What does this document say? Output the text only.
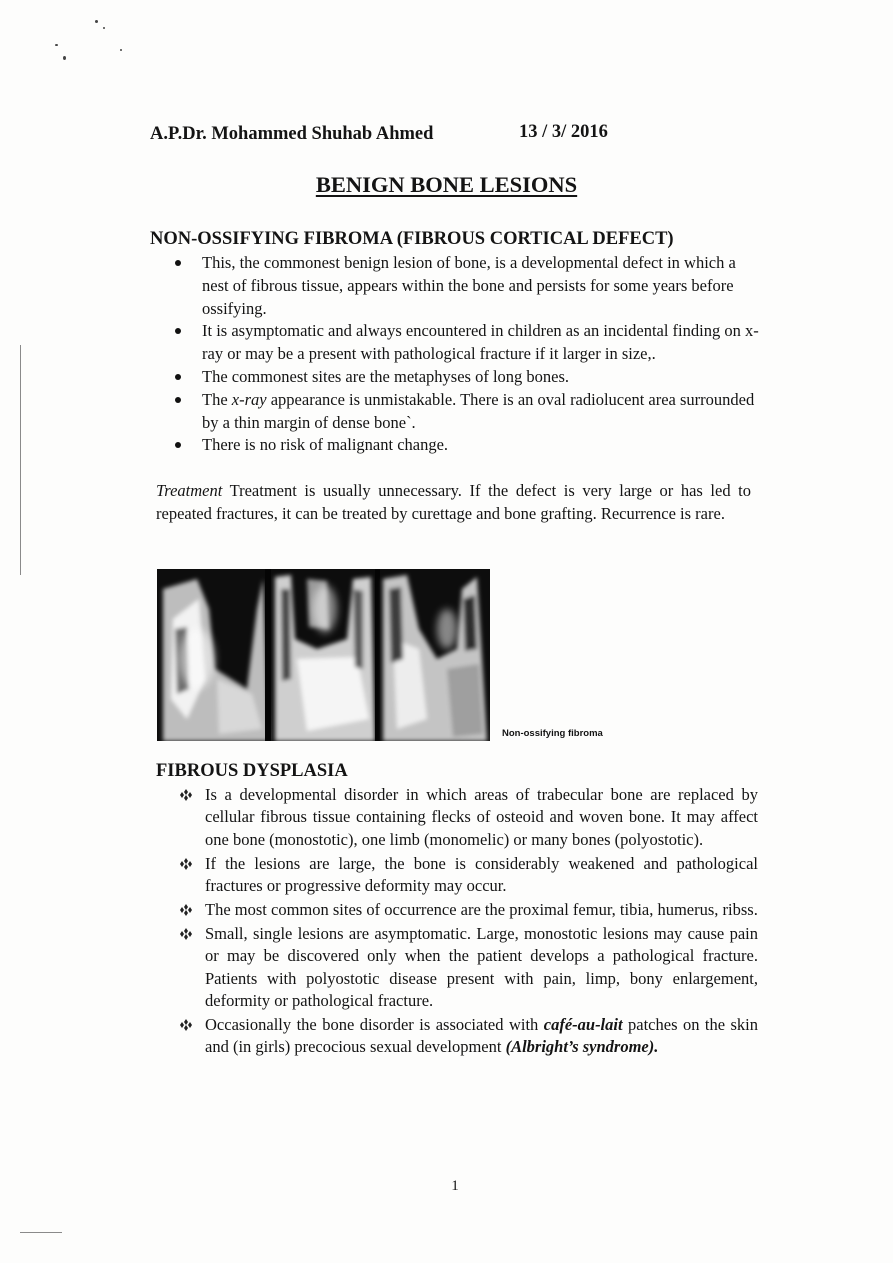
A.P.Dr. Mohammed Shuhab Ahmed	13 / 3/ 2016
BENIGN BONE LESIONS
NON-OSSIFYING FIBROMA (FIBROUS CORTICAL DEFECT)
This, the commonest benign lesion of bone, is a developmental defect in which a nest of fibrous tissue, appears within the bone and persists for some years before ossifying.
It is asymptomatic and always encountered in children as an incidental finding on x-ray or may be a present with pathological fracture if it larger in size,.
The commonest sites are the metaphyses of long bones.
The x-ray appearance is unmistakable. There is an oval radiolucent area surrounded by a thin margin of dense bone`.
There is no risk of malignant change.

Treatment Treatment is usually unnecessary. If the defect is very large or has led to repeated fractures, it can be treated by curettage and bone grafting. Recurrence is rare.

Non-ossifying fibroma
FIBROUS DYSPLASIA
Is a developmental disorder in which areas of trabecular bone are replaced by cellular fibrous tissue containing flecks of osteoid and woven bone. It may affect one bone (monostotic), one limb (monomelic) or many bones (polyostotic).
If the lesions are large, the bone is considerably weakened and pathological fractures or progressive deformity may occur.
The most common sites of occurrence are the proximal femur, tibia, humerus, ribss.
Small, single lesions are asymptomatic. Large, monostotic lesions may cause pain or may be discovered only when the patient develops a pathological fracture. Patients with polyostotic disease present with pain, limp, bony enlargement, deformity or pathological fracture.
Occasionally the bone disorder is associated with café-au-lait patches on the skin and (in girls) precocious sexual development (Albright’s syndrome).
1
